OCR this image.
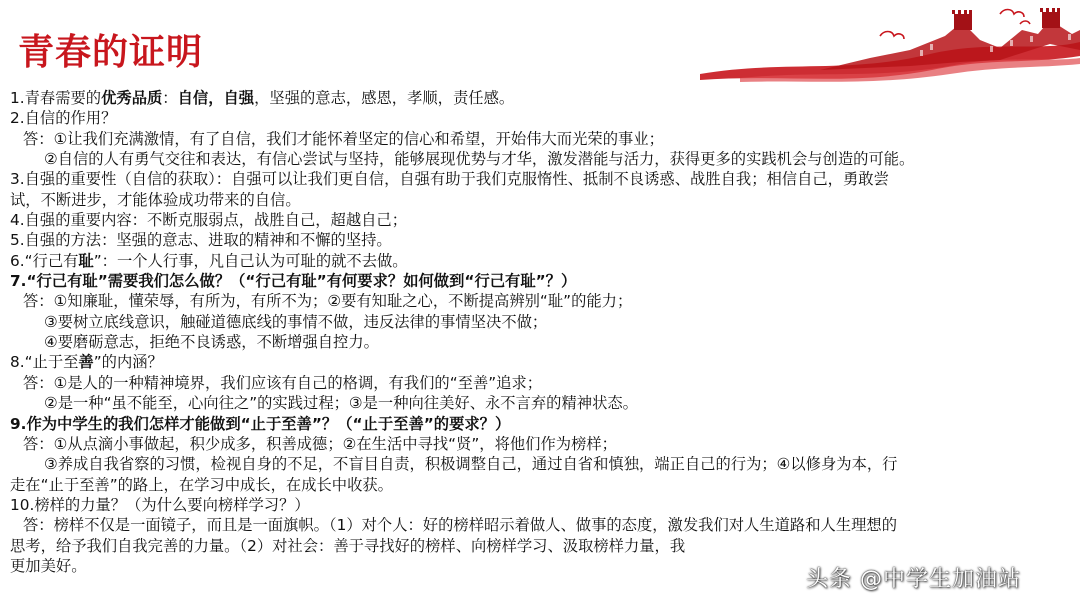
青春的证明

1.青春需要的优秀品质：自信，自强，坚强的意志，感恩，孝顺，责任感。

2.自信的作用？

答：①让我们充满激情，有了自信，我们才能怀着坚定的信心和希望，开始伟大而光荣的事业；

②自信的人有勇气交往和表达，有信心尝试与坚持，能够展现优势与才华，激发潜能与活力，获得更多的实践机会与创造的可能。

3.自强的重要性（自信的获取）：自强可以让我们更自信，自强有助于我们克服惰性、抵制不良诱惑、战胜自我；相信自己，勇敢尝

试，不断进步，才能体验成功带来的自信。

4.自强的重要内容：不断克服弱点，战胜自己，超越自己；

5.自强的方法：坚强的意志、进取的精神和不懈的坚持。

6.“行己有耻”：一个人行事，凡自己认为可耻的就不去做。

7.“行己有耻”需要我们怎么做？（“行己有耻”有何要求？如何做到“行己有耻”？）

答：①知廉耻，懂荣辱，有所为，有所不为；②要有知耻之心，不断提高辨别“耻”的能力；

③要树立底线意识，触碰道德底线的事情不做，违反法律的事情坚决不做；

④要磨砺意志，拒绝不良诱惑，不断增强自控力。

8.“止于至善”的内涵？

答：①是人的一种精神境界，我们应该有自己的格调，有我们的“至善”追求；

②是一种“虽不能至，心向往之”的实践过程；③是一种向往美好、永不言弃的精神状态。

9.作为中学生的我们怎样才能做到“止于至善”？（“止于至善”的要求？）

答：①从点滴小事做起，积少成多，积善成德；②在生活中寻找“贤”，将他们作为榜样；

③养成自我省察的习惯，检视自身的不足，不盲目自责，积极调整自己，通过自省和慎独，端正自己的行为；④以修身为本，行

走在“止于至善”的路上，在学习中成长，在成长中收获。

10.榜样的力量？（为什么要向榜样学习？）

答：榜样不仅是一面镜子，而且是一面旗帜。（1）对个人：好的榜样昭示着做人、做事的态度，激发我们对人生道路和人生理想的

思考，给予我们自我完善的力量。（2）对社会：善于寻找好的榜样、向榜样学习、汲取榜样力量，我

更加美好。

头条 @中学生加油站
